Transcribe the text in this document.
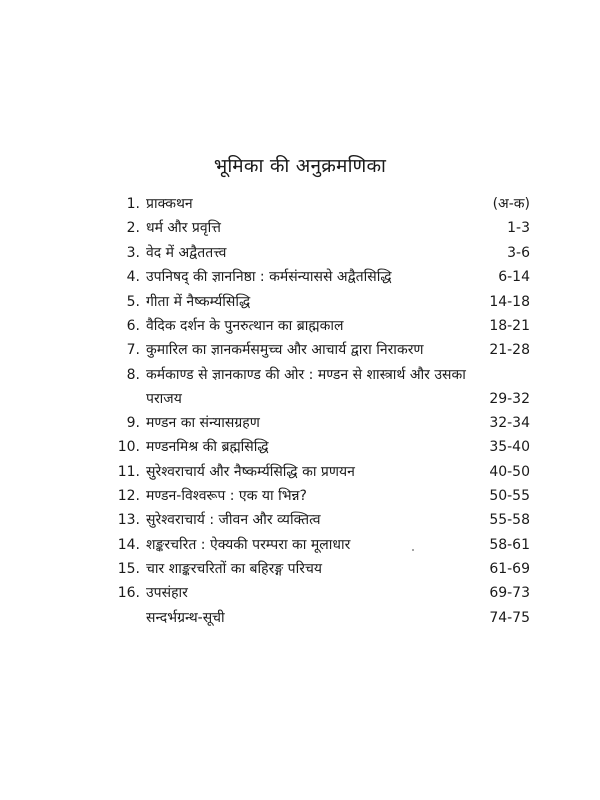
भूमिका की अनुक्रमणिका
1. प्राक्कथन	(अ-क)
2. धर्म और प्रवृत्ति	1-3
3. वेद में अद्वैततत्त्व	3-6
4. उपनिषद् की ज्ञाननिष्ठा : कर्मसंन्याससे अद्वैतसिद्धि	6-14
5. गीता में नैष्कर्म्यसिद्धि	14-18
6. वैदिक दर्शन के पुनरुत्थान का ब्राह्मकाल	18-21
7. कुमारिल का ज्ञानकर्मसमुच्च और आचार्य द्वारा निराकरण	21-28
8. कर्मकाण्ड से ज्ञानकाण्ड की ओर : मण्डन से शास्त्रार्थ और उसका पराजय	29-32
9. मण्डन का संन्यासग्रहण	32-34
10. मण्डनमिश्र की ब्रह्मसिद्धि	35-40
11. सुरेश्वराचार्य और नैष्कर्म्यसिद्धि का प्रणयन	40-50
12. मण्डन-विश्वरूप : एक या भिन्न?	50-55
13. सुरेश्वराचार्य : जीवन और व्यक्तित्व	55-58
14. शङ्करचरित : ऐक्यकी परम्परा का मूलाधार	58-61
15. चार शाङ्करचरितों का बहिरङ्ग परिचय	61-69
16. उपसंहार	69-73
सन्दर्भग्रन्थ-सूची	74-75
